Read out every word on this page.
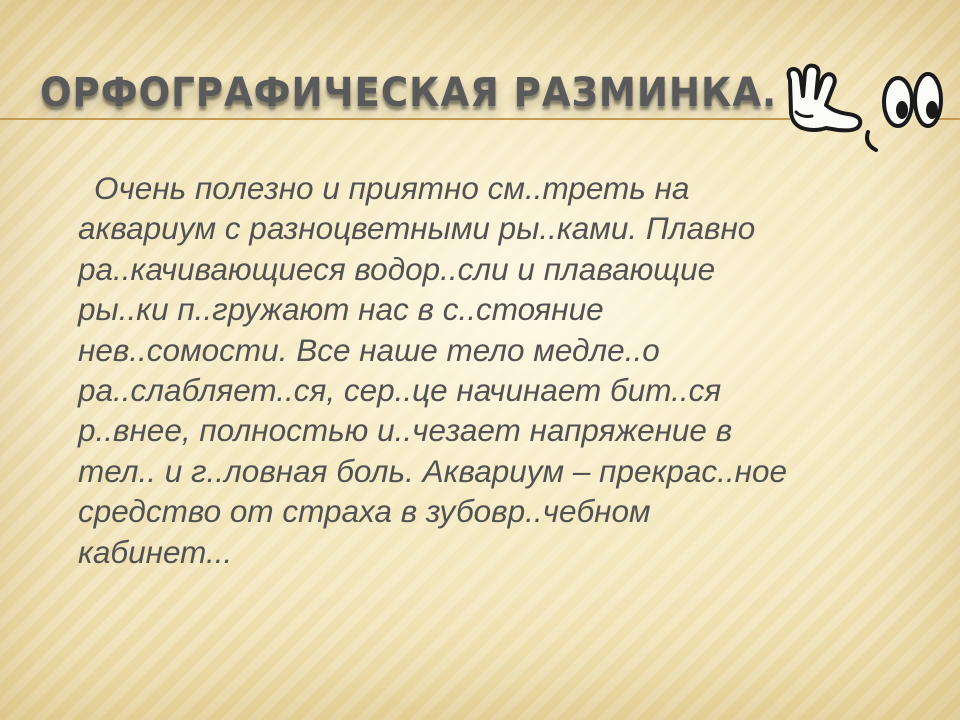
ОРФОГРАФИЧЕСКАЯ РАЗМИНКА.

Очень полезно и приятно см..треть на
аквариум с разноцветными ры..ками. Плавно
ра..качивающиеся водор..сли и плавающие
ры..ки п..гружают нас в с..стояние
нев..сомости. Все наше тело медле..о
ра..слабляет..ся, сер..це начинает бит..ся
р..внее, полностью и..чезает напряжение в
тел.. и г..ловная боль. Аквариум – прекрас..ное
средство от страха в зубовр..чебном
кабинет...
